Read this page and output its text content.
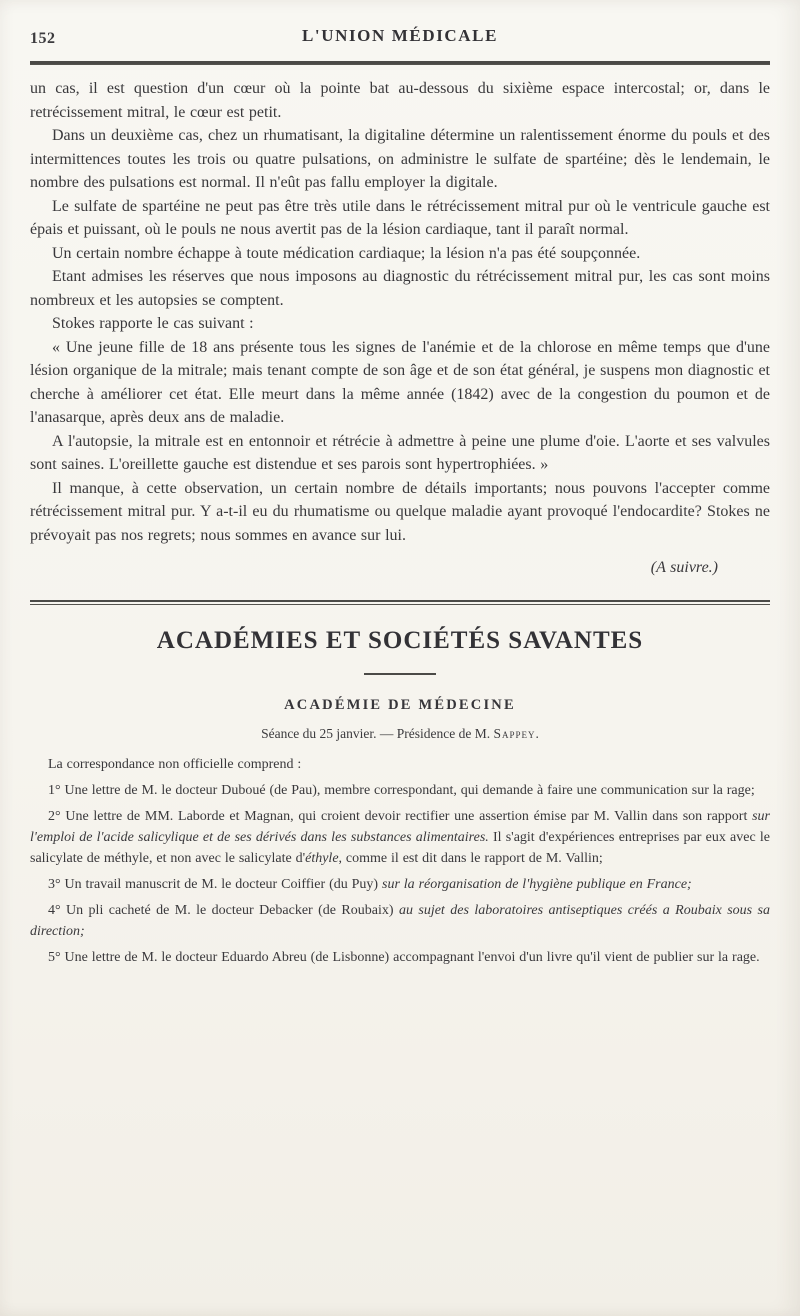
152	L'UNION MÉDICALE

un cas, il est question d'un cœur où la pointe bat au-dessous du sixième espace intercostal; or, dans le retrécissement mitral, le cœur est petit.

Dans un deuxième cas, chez un rhumatisant, la digitaline détermine un ralentissement énorme du pouls et des intermittences toutes les trois ou quatre pulsations, on administre le sulfate de spartéine; dès le lendemain, le nombre des pulsations est normal. Il n'eût pas fallu employer la digitale.

Le sulfate de spartéine ne peut pas être très utile dans le rétrécissement mitral pur où le ventricule gauche est épais et puissant, où le pouls ne nous avertit pas de la lésion cardiaque, tant il paraît normal.

Un certain nombre échappe à toute médication cardiaque; la lésion n'a pas été soupçonnée.

Etant admises les réserves que nous imposons au diagnostic du rétrécissement mitral pur, les cas sont moins nombreux et les autopsies se comptent.

Stokes rapporte le cas suivant :

« Une jeune fille de 18 ans présente tous les signes de l'anémie et de la chlorose en même temps que d'une lésion organique de la mitrale; mais tenant compte de son âge et de son état général, je suspens mon diagnostic et cherche à améliorer cet état. Elle meurt dans la même année (1842) avec de la congestion du poumon et de l'anasarque, après deux ans de maladie.

A l'autopsie, la mitrale est en entonnoir et rétrécie à admettre à peine une plume d'oie. L'aorte et ses valvules sont saines. L'oreillette gauche est distendue et ses parois sont hypertrophiées. »

Il manque, à cette observation, un certain nombre de détails importants; nous pouvons l'accepter comme rétrécissement mitral pur. Y a-t-il eu du rhumatisme ou quelque maladie ayant provoqué l'endocardite? Stokes ne prévoyait pas nos regrets; nous sommes en avance sur lui.

(A suivre.)

ACADÉMIES ET SOCIÉTÉS SAVANTES
ACADÉMIE DE MÉDECINE
Séance du 25 janvier. — Présidence de M. Sappey.

La correspondance non officielle comprend :

1° Une lettre de M. le docteur Duboué (de Pau), membre correspondant, qui demande à faire une communication sur la rage;

2° Une lettre de MM. Laborde et Magnan, qui croient devoir rectifier une assertion émise par M. Vallin dans son rapport sur l'emploi de l'acide salicylique et de ses dérivés dans les substances alimentaires. Il s'agit d'expériences entreprises par eux avec le salicylate de méthyle, et non avec le salicylate d'éthyle, comme il est dit dans le rapport de M. Vallin;

3° Un travail manuscrit de M. le docteur Coiffier (du Puy) sur la réorganisation de l'hygiène publique en France;

4° Un pli cacheté de M. le docteur Debacker (de Roubaix) au sujet des laboratoires antiseptiques créés a Roubaix sous sa direction;

5° Une lettre de M. le docteur Eduardo Abreu (de Lisbonne) accompagnant l'envoi d'un livre qu'il vient de publier sur la rage.
